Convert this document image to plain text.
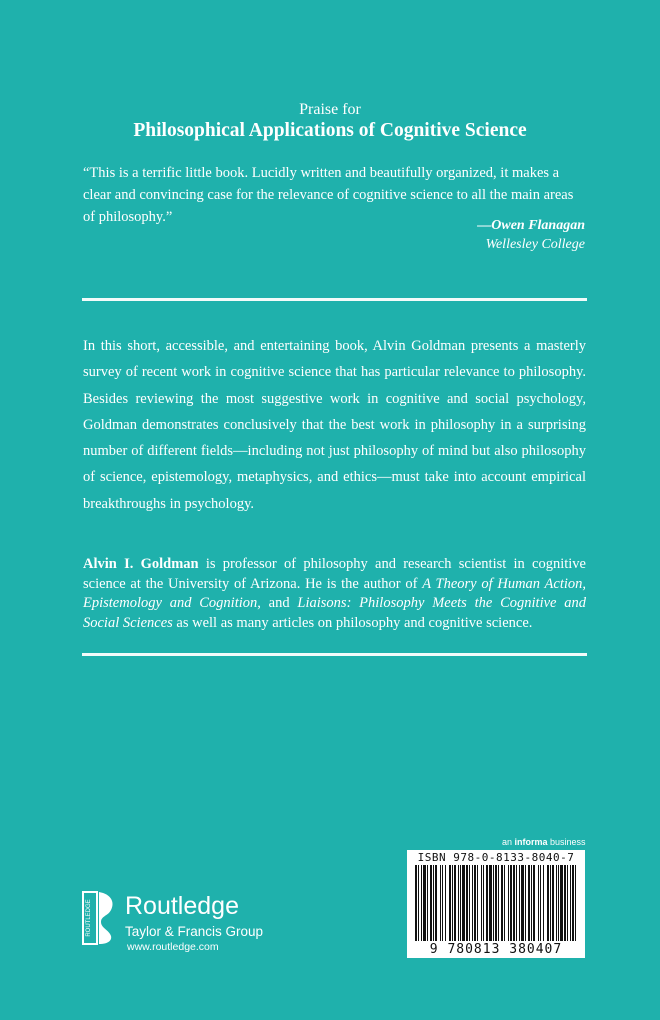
Praise for
Philosophical Applications of Cognitive Science
“This is a terrific little book. Lucidly written and beautifully organized, it makes a clear and convincing case for the relevance of cognitive science to all the main areas of philosophy.”
—Owen Flanagan
Wellesley College
In this short, accessible, and entertaining book, Alvin Goldman presents a masterly survey of recent work in cognitive science that has particular relevance to philosophy. Besides reviewing the most suggestive work in cognitive and social psychology, Goldman demonstrates conclusively that the best work in philosophy in a surprising number of different fields—including not just philosophy of mind but also philosophy of science, epistemology, metaphysics, and ethics—must take into account empirical breakthroughs in psychology.
Alvin I. Goldman is professor of philosophy and research scientist in cognitive science at the University of Arizona. He is the author of A Theory of Human Action, Epistemology and Cognition, and Liaisons: Philosophy Meets the Cognitive and Social Sciences as well as many articles on philosophy and cognitive science.
an informa business
ISBN 978-0-8133-8040-7
9 780813 380407
ROUTLEDGE Routledge
Taylor & Francis Group
www.routledge.com
